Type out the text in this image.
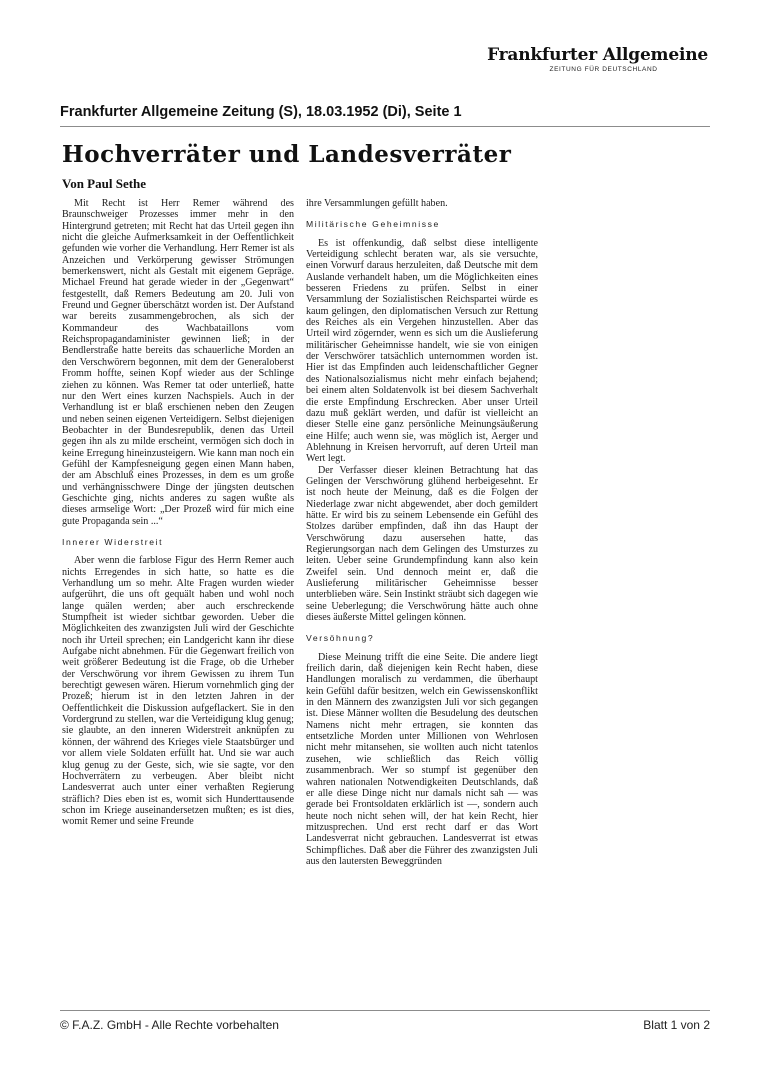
Frankfurter Allgemeine
ZEITUNG FÜR DEUTSCHLAND
Frankfurter Allgemeine Zeitung (S), 18.03.1952 (Di), Seite 1
Hochverräter und Landesverräter
Von Paul Sethe

Mit Recht ist Herr Remer während des Braunschweiger Prozesses immer mehr in den Hintergrund getreten; mit Recht hat das Urteil gegen ihn nicht die gleiche Aufmerksamkeit in der Oeffentlichkeit gefunden wie vorher die Verhandlung. Herr Remer ist als Anzeichen und Verkörperung gewisser Strömungen bemerkenswert, nicht als Gestalt mit eigenem Gepräge. Michael Freund hat gerade wieder in der „Gegenwart“ festgestellt, daß Remers Bedeutung am 20. Juli von Freund und Gegner überschätzt worden ist. Der Aufstand war bereits zusammengebrochen, als sich der Kommandeur des Wachbataillons vom Reichspropagandaminister gewinnen ließ; in der Bendlerstraße hatte bereits das schauerliche Morden an den Verschwörern begonnen, mit dem der Generaloberst Fromm hoffte, seinen Kopf wieder aus der Schlinge ziehen zu können. Was Remer tat oder unterließ, hatte nur den Wert eines kurzen Nachspiels. Auch in der Verhandlung ist er blaß erschienen neben den Zeugen und neben seinen eigenen Verteidigern. Selbst diejenigen Beobachter in der Bundesrepublik, denen das Urteil gegen ihn als zu milde erscheint, vermögen sich doch in keine Erregung hineinzusteigern. Wie kann man noch ein Gefühl der Kampfesneigung gegen einen Mann haben, der am Abschluß eines Prozesses, in dem es um große und verhängnisschwere Dinge der jüngsten deutschen Geschichte ging, nichts anderes zu sagen wußte als dieses armselige Wort: „Der Prozeß wird für mich eine gute Propaganda sein ...“

Innerer Widerstreit

Aber wenn die farblose Figur des Herrn Remer auch nichts Erregendes in sich hatte, so hatte es die Verhandlung um so mehr. Alte Fragen wurden wieder aufgerührt, die uns oft gequält haben und wohl noch lange quälen werden; aber auch erschreckende Stumpfheit ist wieder sichtbar geworden. Ueber die Möglichkeiten des zwanzigsten Juli wird der Geschichte noch ihr Urteil sprechen; ein Landgericht kann ihr diese Aufgabe nicht abnehmen. Für die Gegenwart freilich von weit größerer Bedeutung ist die Frage, ob die Urheber der Verschwörung vor ihrem Gewissen zu ihrem Tun berechtigt gewesen wären. Hierum vornehmlich ging der Prozeß; hierum ist in den letzten Jahren in der Oeffentlichkeit die Diskussion aufgeflackert. Sie in den Vordergrund zu stellen, war die Verteidigung klug genug; sie glaubte, an den inneren Widerstreit anknüpfen zu können, der während des Krieges viele Staatsbürger und vor allem viele Soldaten erfüllt hat. Und sie war auch klug genug zu der Geste, sich, wie sie sagte, vor den Hochverrätern zu verbeugen. Aber bleibt nicht Landesverrat auch unter einer verhaßten Regierung sträflich? Dies eben ist es, womit sich Hunderttausende schon im Kriege auseinandersetzen mußten; es ist dies, womit Remer und seine Freunde

ihre Versammlungen gefüllt haben.

Militärische Geheimnisse

Es ist offenkundig, daß selbst diese intelligente Verteidigung schlecht beraten war, als sie versuchte, einen Vorwurf daraus herzuleiten, daß Deutsche mit dem Auslande verhandelt haben, um die Möglichkeiten eines besseren Friedens zu prüfen. Selbst in einer Versammlung der Sozialistischen Reichspartei würde es kaum gelingen, den diplomatischen Versuch zur Rettung des Reiches als ein Vergehen hinzustellen. Aber das Urteil wird zögernder, wenn es sich um die Auslieferung militärischer Geheimnisse handelt, wie sie von einigen der Verschwörer tatsächlich unternommen worden ist. Hier ist das Empfinden auch leidenschaftlicher Gegner des Nationalsozialismus nicht mehr einfach bejahend; bei einem alten Soldatenvolk ist bei diesem Sachverhalt die erste Empfindung Erschrecken. Aber unser Urteil dazu muß geklärt werden, und dafür ist vielleicht an dieser Stelle eine ganz persönliche Meinungsäußerung eine Hilfe; auch wenn sie, was möglich ist, Aerger und Ablehnung in Kreisen hervorruft, auf deren Urteil man Wert legt.

Der Verfasser dieser kleinen Betrachtung hat das Gelingen der Verschwörung glühend herbeigesehnt. Er ist noch heute der Meinung, daß es die Folgen der Niederlage zwar nicht abgewendet, aber doch gemildert hätte. Er wird bis zu seinem Lebensende ein Gefühl des Stolzes darüber empfinden, daß ihn das Haupt der Verschwörung dazu ausersehen hatte, das Regierungsorgan nach dem Gelingen des Umsturzes zu leiten. Ueber seine Grundempfindung kann also kein Zweifel sein. Und dennoch meint er, daß die Auslieferung militärischer Geheimnisse besser unterblieben wäre. Sein Instinkt sträubt sich dagegen wie seine Ueberlegung; die Verschwörung hätte auch ohne dieses äußerste Mittel gelingen können.

Versöhnung?

Diese Meinung trifft die eine Seite. Die andere liegt freilich darin, daß diejenigen kein Recht haben, diese Handlungen moralisch zu verdammen, die überhaupt kein Gefühl dafür besitzen, welch ein Gewissenskonflikt in den Männern des zwanzigsten Juli vor sich gegangen ist. Diese Männer wollten die Besudelung des deutschen Namens nicht mehr ertragen, sie konnten das entsetzliche Morden unter Millionen von Wehrlosen nicht mehr mitansehen, sie wollten auch nicht tatenlos zusehen, wie schließlich das Reich völlig zusammenbrach. Wer so stumpf ist gegenüber den wahren nationalen Notwendigkeiten Deutschlands, daß er alle diese Dinge nicht nur damals nicht sah — was gerade bei Frontsoldaten erklärlich ist —, sondern auch heute noch nicht sehen will, der hat kein Recht, hier mitzusprechen. Und erst recht darf er das Wort Landesverrat nicht gebrauchen. Landesverrat ist etwas Schimpfliches. Daß aber die Führer des zwanzigsten Juli aus den lautersten Beweggründen

© F.A.Z. GmbH - Alle Rechte vorbehalten	Blatt 1 von 2
